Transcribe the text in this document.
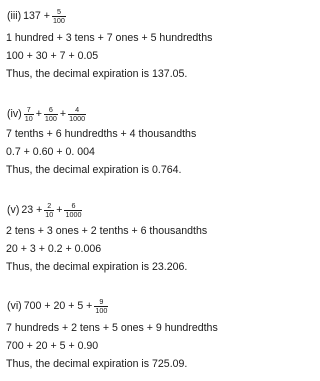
(iii) $137 + \frac{5}{100}$
1 hundred + 3 tens + 7 ones + 5 hundredths
100 + 30 + 7 + 0.05
Thus, the decimal expiration is 137.05.
$(iv) \frac{7}{10} + \frac{6}{100} + \frac{4}{1000}$
7 tenths + 6 hundredths + 4 thousandths
0.7 + 0.60 + 0. 004
Thus, the decimal expiration is 0.764.
(v) $23 + \frac{2}{10} + \frac{6}{1000}$
2 tens + 3 ones + 2 tenths + 6 thousandths
20 + 3 + 0.2 + 0.006
Thus, the decimal expiration is 23.206.
(vi) $700 + 20 + 5 + \frac{9}{100}$
7 hundreds + 2 tens + 5 ones + 9 hundredths
700 + 20 + 5 + 0.90
Thus, the decimal expiration is 725.09.
